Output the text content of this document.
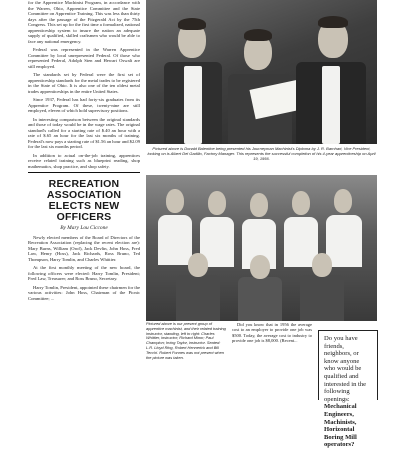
for the Apprentice Machinist Program, in accordance with the Warren, Ohio, Apprentice Committee and the State Committee on Apprentice Training. This was less than thirty days after the passage of the Fitzgerald Act by the 75th Congress. This set up for the first time a formalized, national apprenticeship system to insure the nation an adequate supply of qualified, skilled craftsmen who would be able to face any national emergency.

Federal was represented in the Warren Apprentice Committee by local unrepresented Federal. Of those who represented Federal, Adolph Sten and Hewart Oswalt are still employed.

The standards set by Federal were the first set of apprenticeship standards for the metal trades to be registered in the State of Ohio. It is also one of the ten oldest metal trades apprenticeships in the entire United States.

Since 1937, Federal has had forty-six graduates from its Apprentice Program. Of these, twenty-nine are still employed, eleven of which hold supervisory positions.

In interesting comparison between the original standards and those of today would be in the wage rates. The original standard's called for a starting rate of $.40 an hour with a rate of $.65 an hour for the last six months of training. Federal's now pays a starting rate of $1.56 an hour and $2.09 for the last six months period.

In addition to actual on-the-job training, apprentices receive related training such as blueprint reading, shop mathematics, shop practice, and shop safety.

RECREATION ASSOCIATION ELECTS NEW OFFICERS
By Mary Lou Ciccone

Newly elected members of the Board of Directors of the Recreation Association (replacing the recent election are): Mary Burns, William (Orof), Jack Devlin, John Hoss, Fred Law, Henry (Hoss), Jack Richards, Ross Bruno, Ted Thompson, Harry Tomlin, and Charles Whittier.

At the first monthly meeting of the new board, the following officers were elected: Harry Tomlin, President; Fred Law, Treasurer; and Ross Bruno, Secretary.

Harry Tomlin, President, appointed these chairmen for the various activities: John Hoss, Chairman of the Picnic Committee; ...

Pictured above is Donald Balentine being presented his Journeyman Machinist's Diploma by J. R. Barnhart, Vice President, looking on is Albert Del Gadillo, Factory Manager. This represents the successful completion of his 4-year apprenticeship on April 19, 1956.
Pictured above is our present group of apprentice machinist, and their related training instructor, standing, left to right: Charles Whittier, instructor; Richard Minor; Paul Champion; Irving Taylor, instructor. Seated: L.R. Lloyd Ring, Robert Hennerick and Bill Tecchi. Robert Fonnes was not present when the picture was taken.

Did you know that in 1956 the average cost to an employer to provide one job was $500. Today, the average cost to industry to provide one job is $8,000. (Recent...	Do you have friends, neighbors, or know anyone who would be qualified and interested in the following openings: Mechanical Engineers, Machinists, Horizontal Boring Mill operators?
